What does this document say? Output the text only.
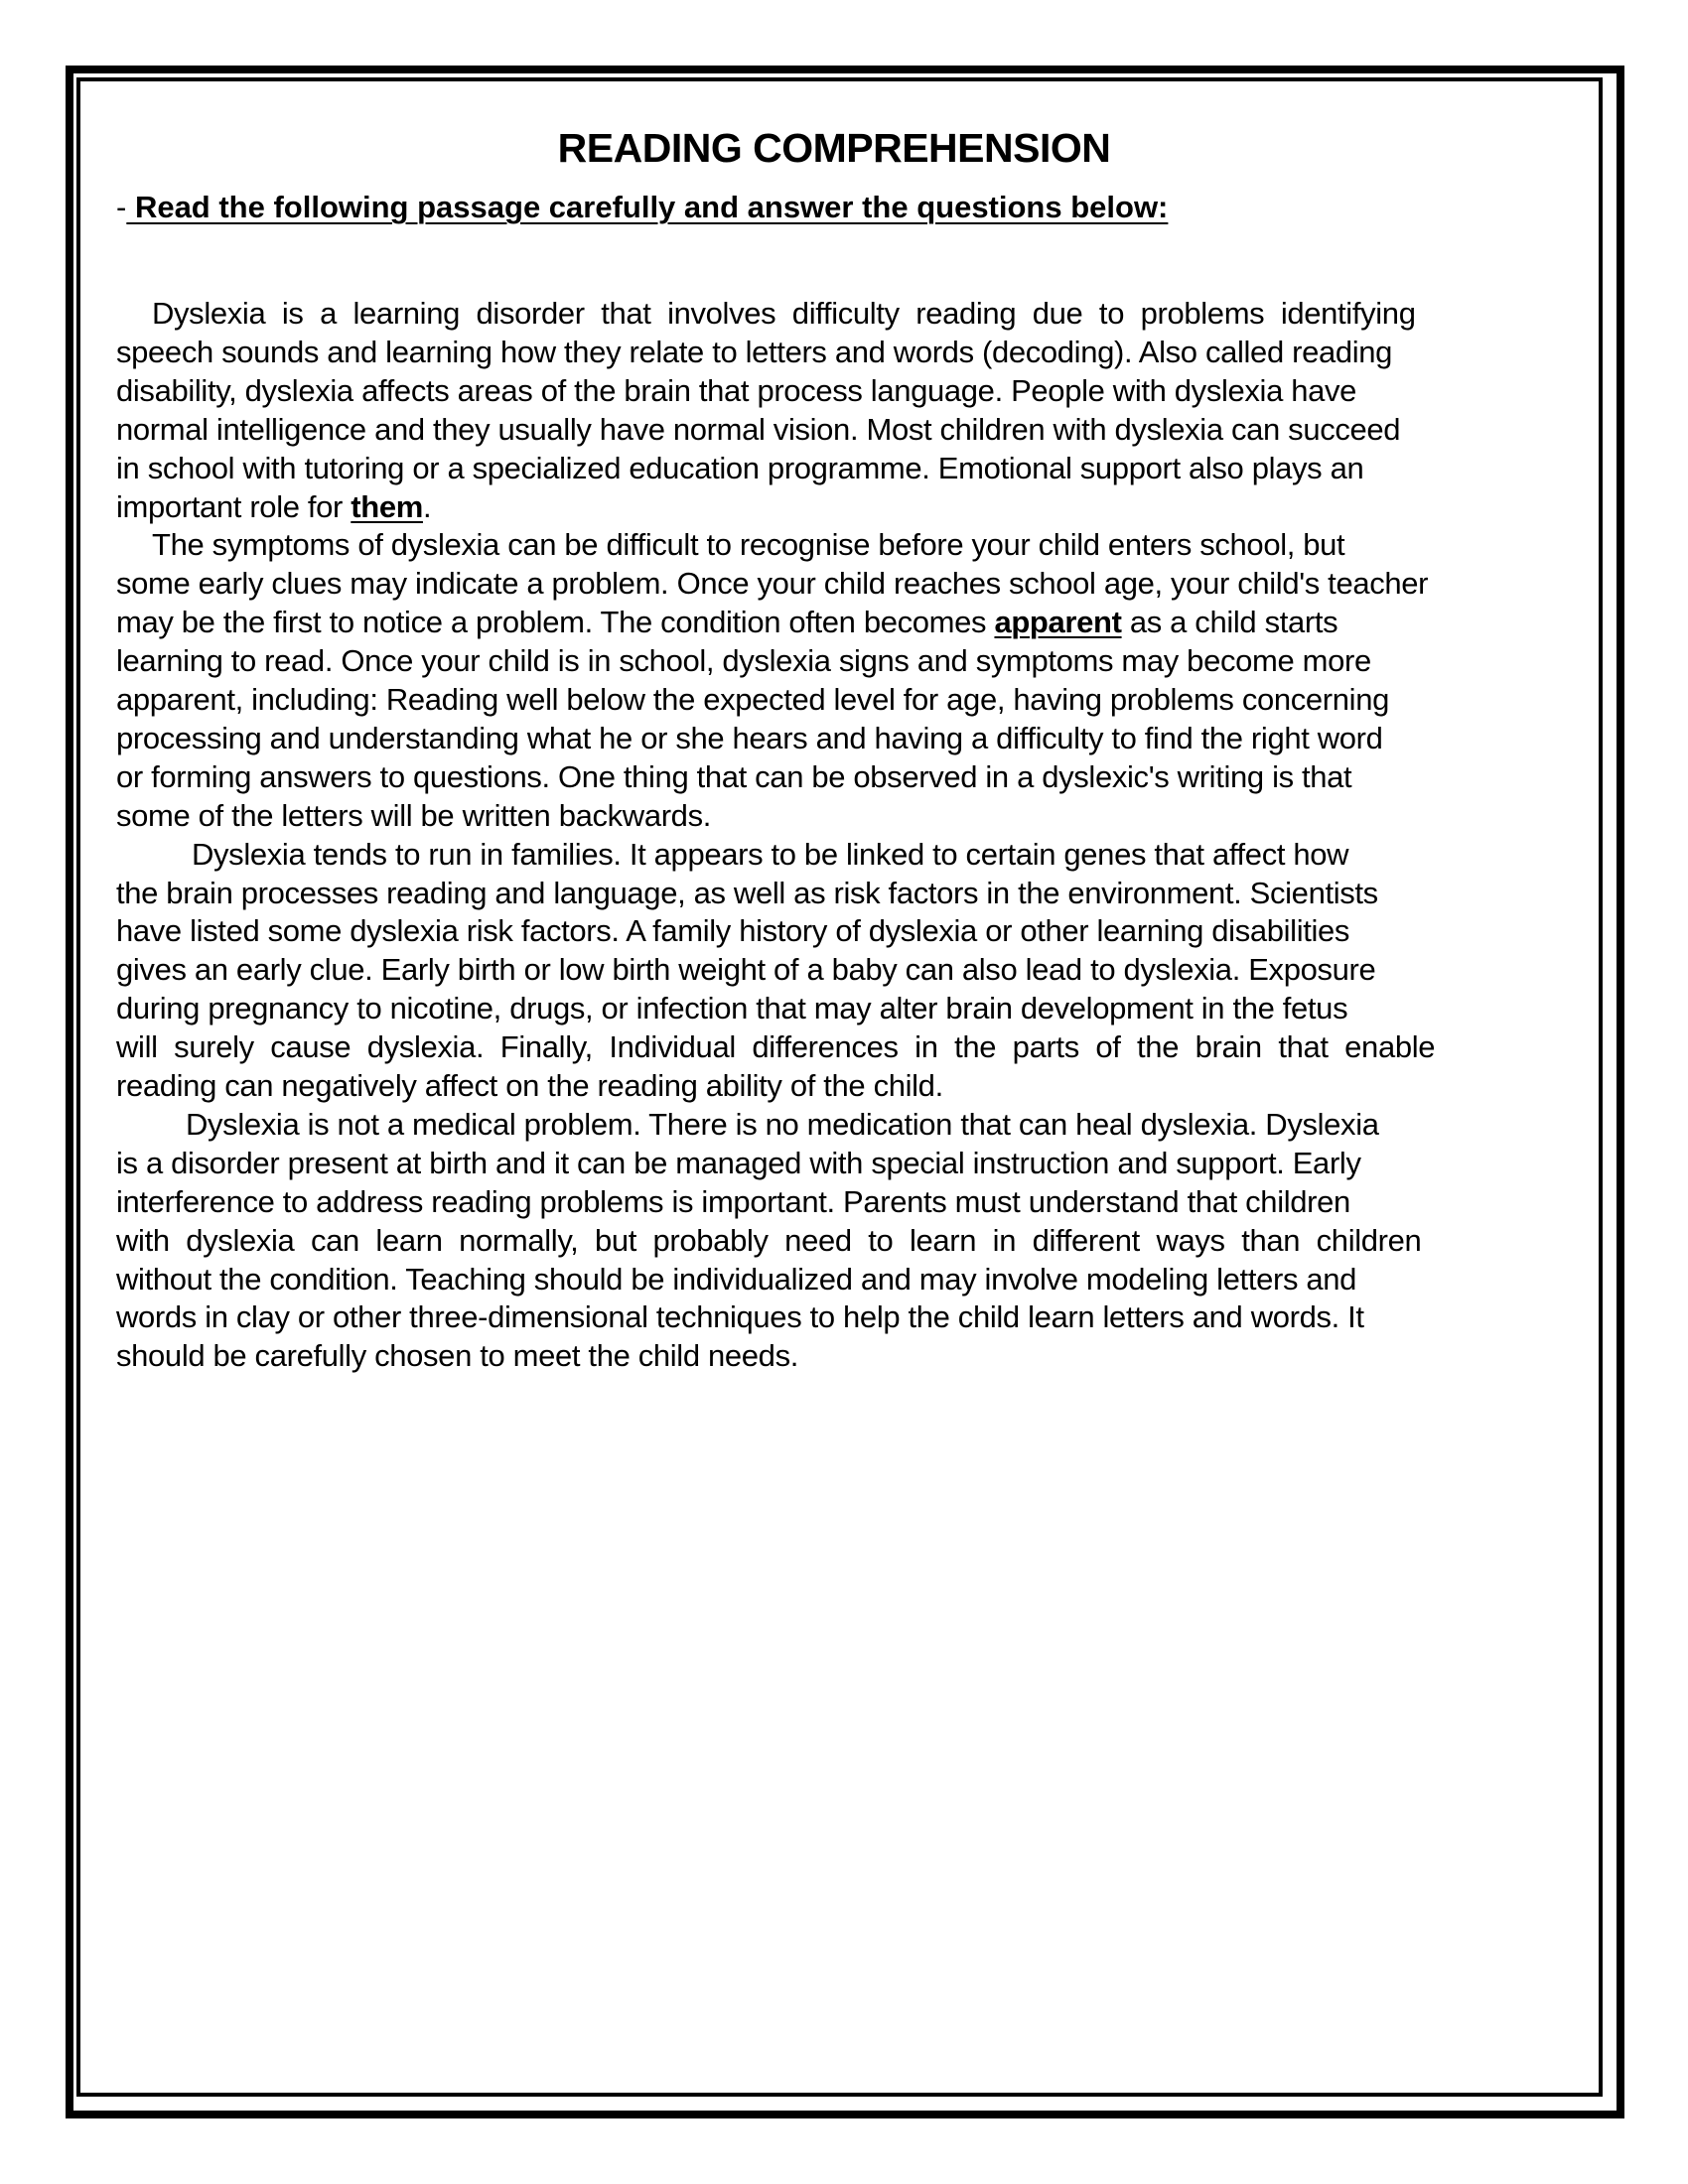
READING COMPREHENSION
- Read the following passage carefully and answer the questions below:
Dyslexia  is  a  learning  disorder  that  involves  difficulty  reading  due  to  problems  identifying
speech sounds and learning how they relate to letters and words (decoding). Also called reading
disability, dyslexia affects areas of the brain that process language. People with dyslexia have
normal intelligence and they usually have normal vision. Most children with dyslexia can succeed
in school with tutoring or a specialized education programme. Emotional support also plays an
important role for them.
The symptoms of dyslexia can be difficult to recognise before your child enters school, but
some early clues may indicate a problem. Once your child reaches school age, your child's teacher
may be the first to notice a problem. The condition often becomes apparent as a child starts
learning to read. Once your child is in school, dyslexia signs and symptoms may become more
apparent, including: Reading well below the expected level for age, having problems concerning
processing and understanding what he or she hears and having a difficulty to find the right word
or forming answers to questions. One thing that can be observed in a dyslexic's writing is that
some of the letters will be written backwards.
Dyslexia tends to run in families. It appears to be linked to certain genes that affect how
the brain processes reading and language, as well as risk factors in the environment. Scientists
have listed some dyslexia risk factors. A family history of dyslexia or other learning disabilities
gives an early clue. Early birth or low birth weight of a baby can also lead to dyslexia. Exposure
during pregnancy to nicotine, drugs, or infection that may alter brain development in the fetus
will  surely  cause  dyslexia.  Finally,  Individual  differences  in  the  parts  of  the  brain  that  enable
reading can negatively affect on the reading ability of the child.
Dyslexia is not a medical problem. There is no medication that can heal dyslexia. Dyslexia
is a disorder present at birth and it can be managed with special instruction and support. Early
interference to address reading problems is important. Parents must understand that children
with  dyslexia  can  learn  normally,  but  probably  need  to  learn  in  different  ways  than  children
without the condition. Teaching should be individualized and may involve modeling letters and
words in clay or other three-dimensional techniques to help the child learn letters and words. It
should be carefully chosen to meet the child needs.
